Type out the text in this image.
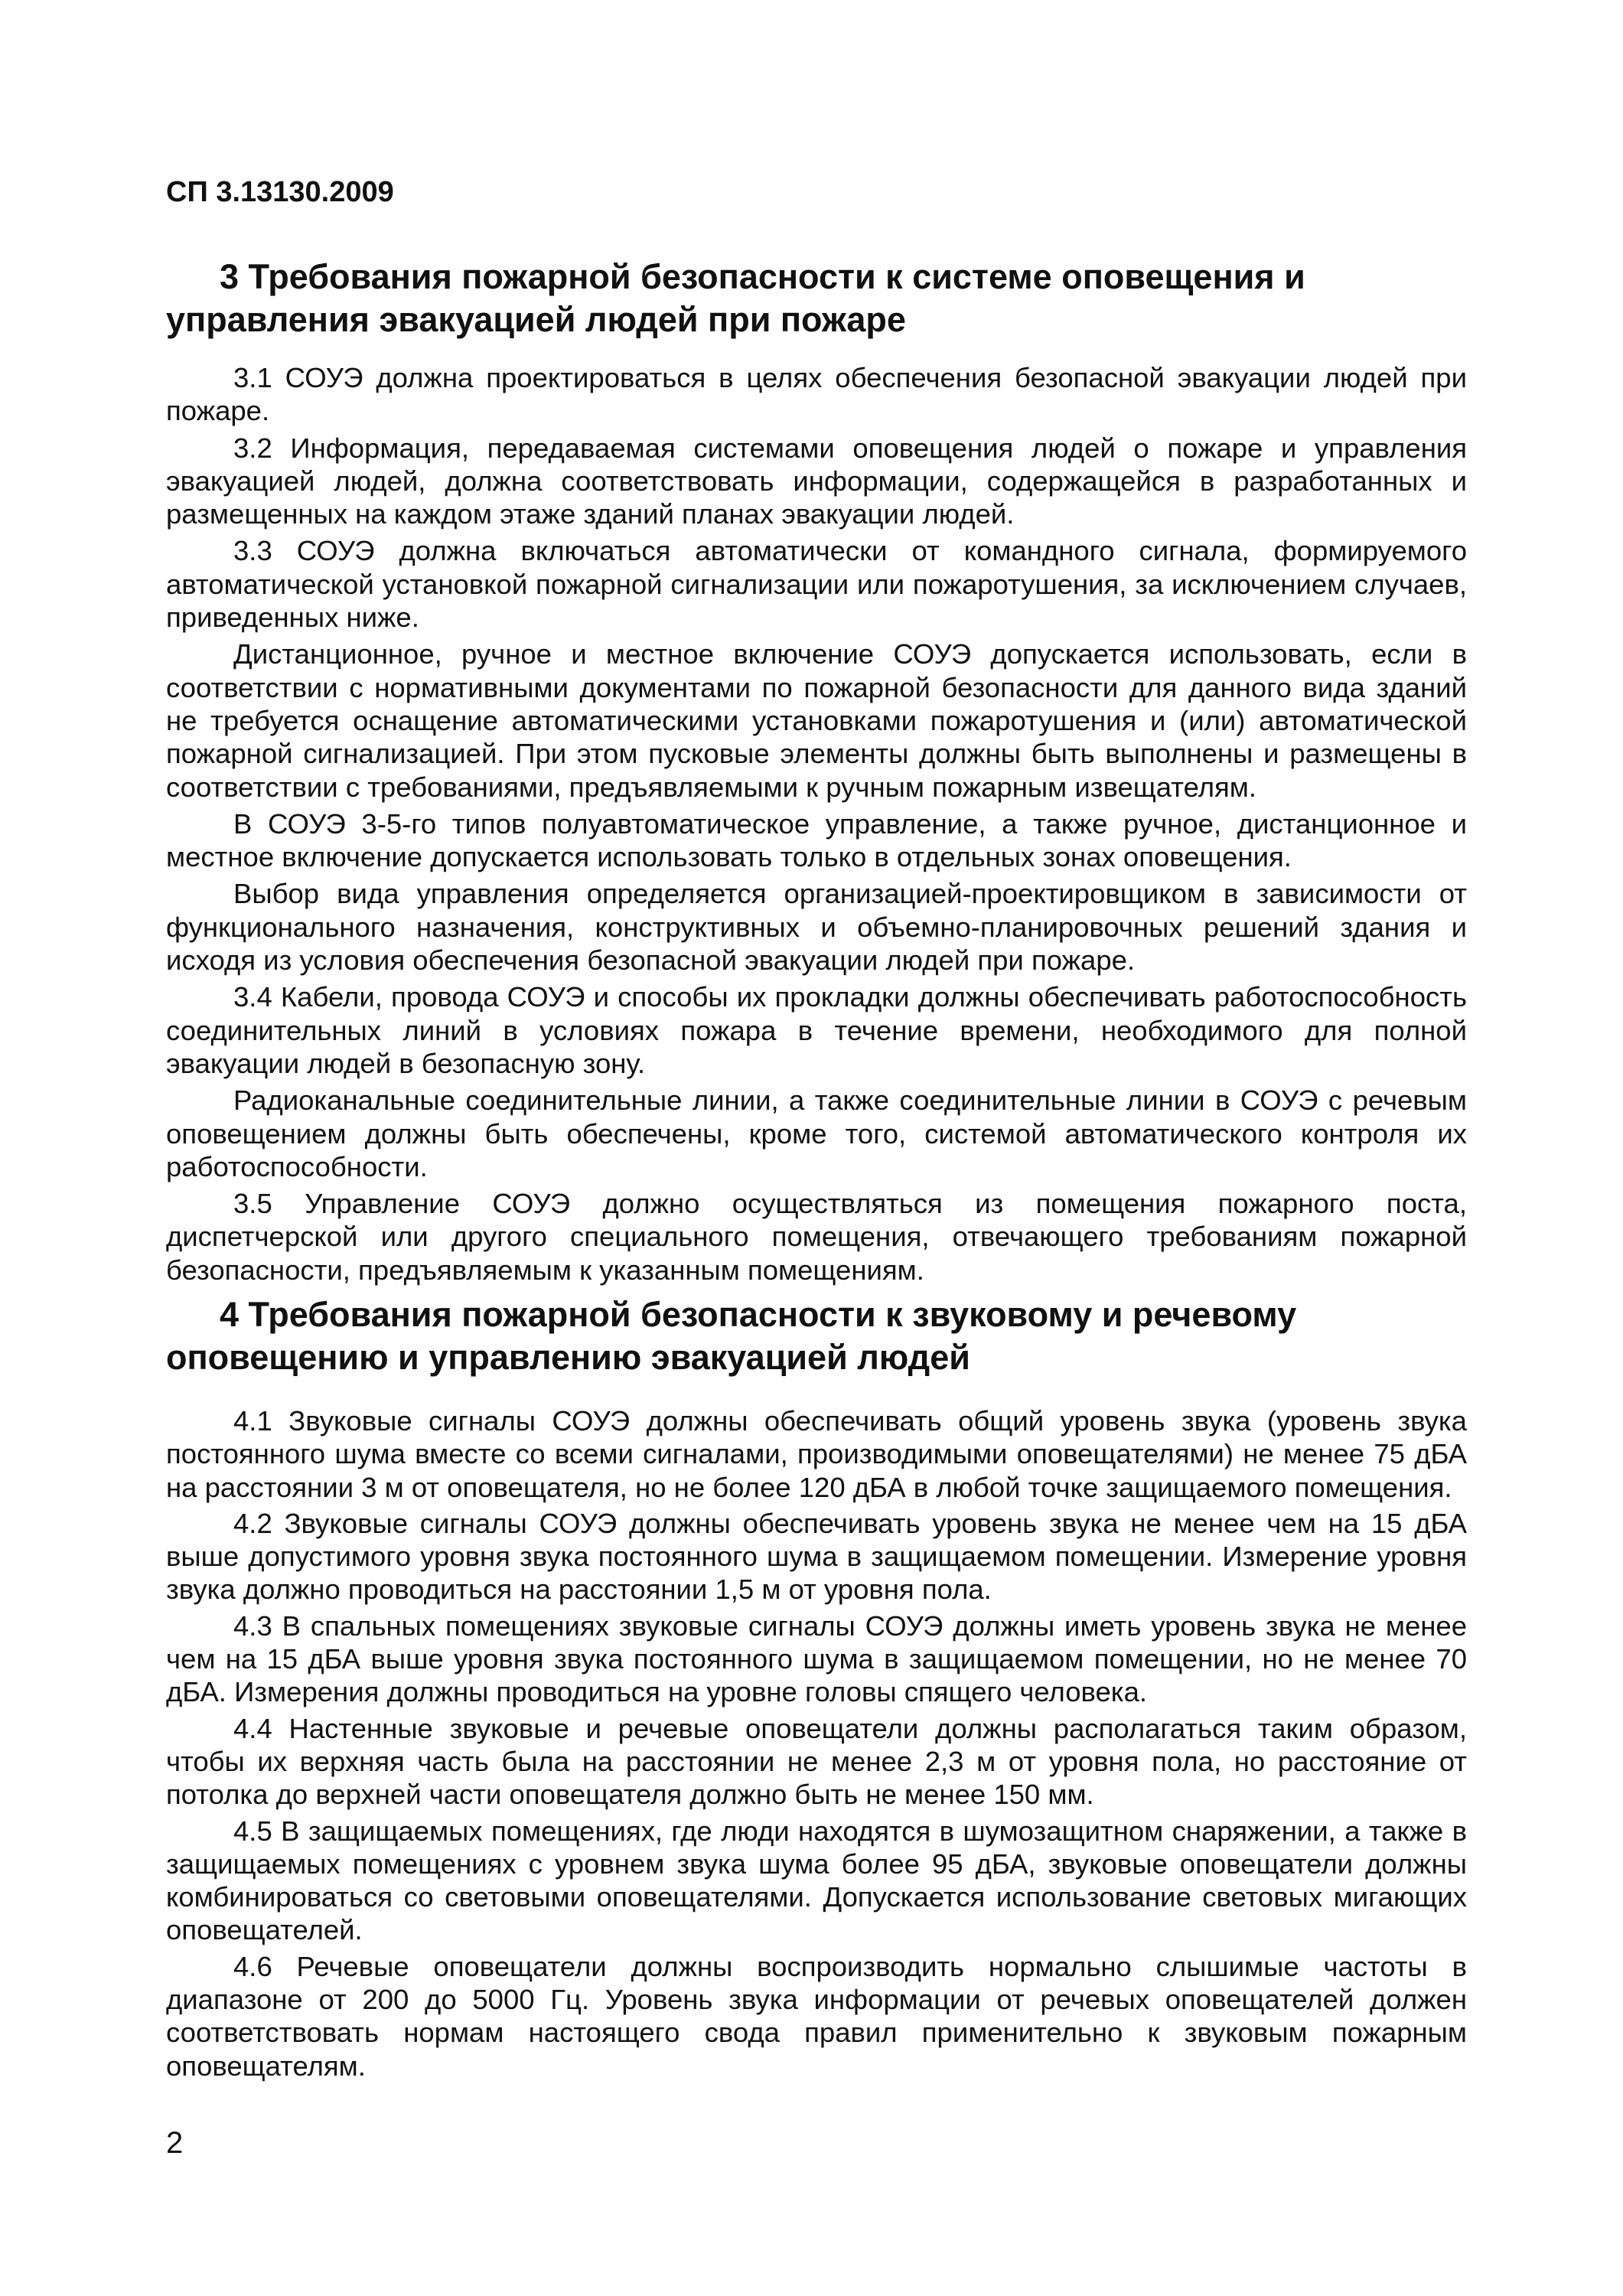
СП 3.13130.2009
3 Требования пожарной безопасности к системе оповещения и управления эвакуацией людей при пожаре

3.1 СОУЭ должна проектироваться в целях обеспечения безопасной эвакуации людей при пожаре.

3.2 Информация, передаваемая системами оповещения людей о пожаре и управления эвакуацией людей, должна соответствовать информации, содержащейся в разработанных и размещенных на каждом этаже зданий планах эвакуации людей.

3.3 СОУЭ должна включаться автоматически от командного сигнала, формируемого автоматической установкой пожарной сигнализации или пожаротушения, за исключением случаев, приведенных ниже.

Дистанционное, ручное и местное включение СОУЭ допускается использовать, если в соответствии с нормативными документами по пожарной безопасности для данного вида зданий не требуется оснащение автоматическими установками пожаротушения и (или) автоматической пожарной сигнализацией. При этом пусковые элементы должны быть выполнены и размещены в соответствии с требованиями, предъявляемыми к ручным пожарным извещателям.

В СОУЭ 3-5-го типов полуавтоматическое управление, а также ручное, дистанционное и местное включение допускается использовать только в отдельных зонах оповещения.

Выбор вида управления определяется организацией-проектировщиком в зависимости от функционального назначения, конструктивных и объемно-планировочных решений здания и исходя из условия обеспечения безопасной эвакуации людей при пожаре.

3.4 Кабели, провода СОУЭ и способы их прокладки должны обеспечивать работоспособность соединительных линий в условиях пожара в течение времени, необходимого для полной эвакуации людей в безопасную зону.

Радиоканальные соединительные линии, а также соединительные линии в СОУЭ с речевым оповещением должны быть обеспечены, кроме того, системой автоматического контроля их работоспособности.

3.5 Управление СОУЭ должно осуществляться из помещения пожарного поста, диспетчерской или другого специального помещения, отвечающего требованиям пожарной безопасности, предъявляемым к указанным помещениям.

4 Требования пожарной безопасности к звуковому и речевому оповещению и управлению эвакуацией людей

4.1 Звуковые сигналы СОУЭ должны обеспечивать общий уровень звука (уровень звука постоянного шума вместе со всеми сигналами, производимыми оповещателями) не менее 75 дБА на расстоянии 3 м от оповещателя, но не более 120 дБА в любой точке защищаемого помещения.

4.2 Звуковые сигналы СОУЭ должны обеспечивать уровень звука не менее чем на 15 дБА выше допустимого уровня звука постоянного шума в защищаемом помещении. Измерение уровня звука должно проводиться на расстоянии 1,5 м от уровня пола.

4.3 В спальных помещениях звуковые сигналы СОУЭ должны иметь уровень звука не менее чем на 15 дБА выше уровня звука постоянного шума в защищаемом помещении, но не менее 70 дБА. Измерения должны проводиться на уровне головы спящего человека.

4.4 Настенные звуковые и речевые оповещатели должны располагаться таким образом, чтобы их верхняя часть была на расстоянии не менее 2,3 м от уровня пола, но расстояние от потолка до верхней части оповещателя должно быть не менее 150 мм.

4.5 В защищаемых помещениях, где люди находятся в шумозащитном снаряжении, а также в защищаемых помещениях с уровнем звука шума более 95 дБА, звуковые оповещатели должны комбинироваться со световыми оповещателями. Допускается использование световых мигающих оповещателей.

4.6 Речевые оповещатели должны воспроизводить нормально слышимые частоты в диапазоне от 200 до 5000 Гц. Уровень звука информации от речевых оповещателей должен соответствовать нормам настоящего свода правил применительно к звуковым пожарным оповещателям.

2
